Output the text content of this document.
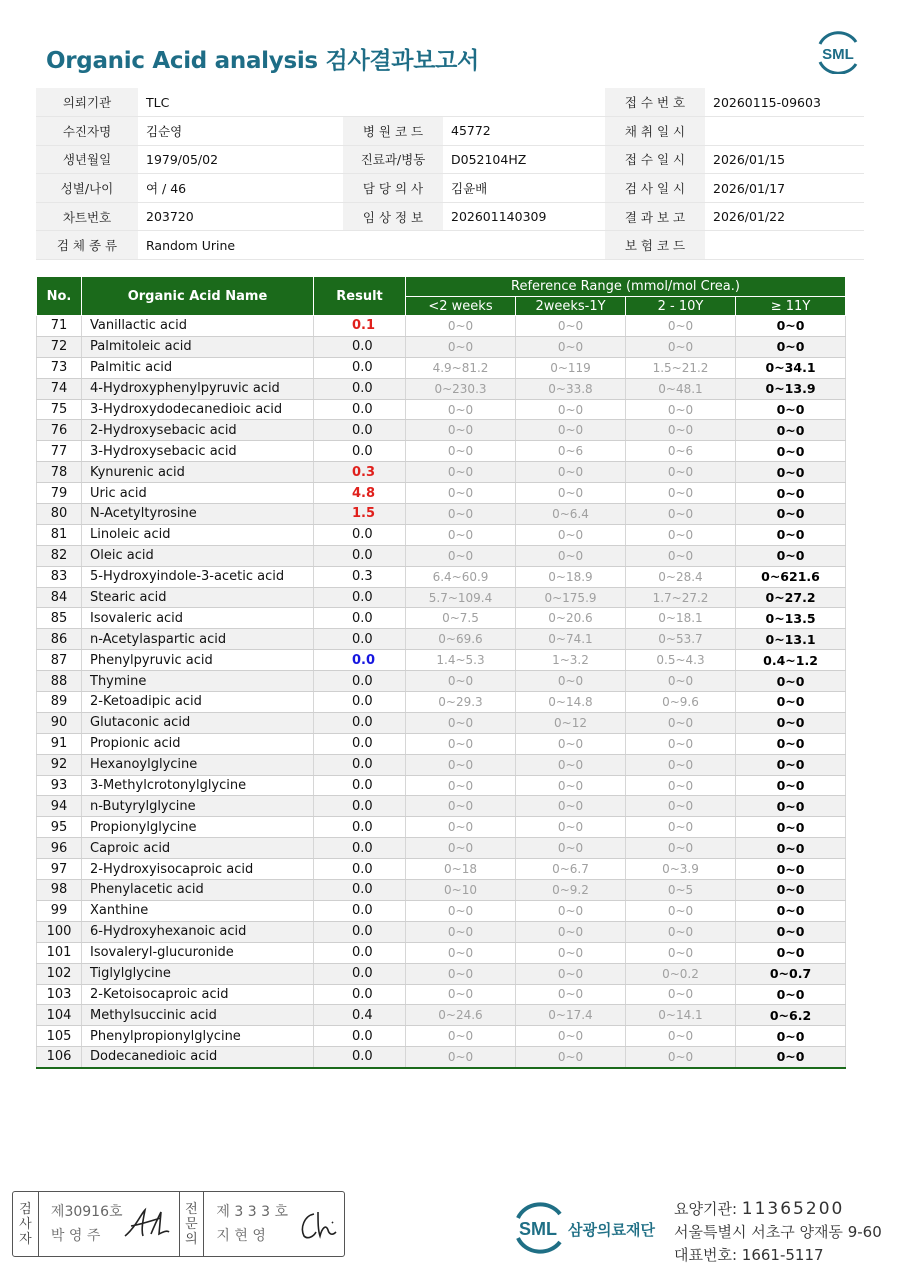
Organic Acid analysis 검사결과보고서	SML
의뢰기관	TLC			접 수 번 호	20260115-09603
수진자명	김순영	병 원 코 드	45772	채 취 일 시	
생년월일	1979/05/02	진료과/병동	D052104HZ	접 수 일 시	2026/01/15
성별/나이	여 / 46	담 당 의 사	김윤배	검 사 일 시	2026/01/17
차트번호	203720	임 상 정 보	202601140309	결 과 보 고	2026/01/22
검 체 종 류	Random Urine			보 험 코 드	
No.	Organic Acid Name	Result	Reference Range (mmol/mol Crea.)			
			<2 weeks	2weeks-1Y	2 - 10Y	≥ 11Y
71	Vanillactic acid	0.1	0~0	0~0	0~0	0~0
72	Palmitoleic acid	0.0	0~0	0~0	0~0	0~0
73	Palmitic acid	0.0	4.9~81.2	0~119	1.5~21.2	0~34.1
74	4-Hydroxyphenylpyruvic acid	0.0	0~230.3	0~33.8	0~48.1	0~13.9
75	3-Hydroxydodecanedioic acid	0.0	0~0	0~0	0~0	0~0
76	2-Hydroxysebacic acid	0.0	0~0	0~0	0~0	0~0
77	3-Hydroxysebacic acid	0.0	0~0	0~6	0~6	0~0
78	Kynurenic acid	0.3	0~0	0~0	0~0	0~0
79	Uric acid	4.8	0~0	0~0	0~0	0~0
80	N-Acetyltyrosine	1.5	0~0	0~6.4	0~0	0~0
81	Linoleic acid	0.0	0~0	0~0	0~0	0~0
82	Oleic acid	0.0	0~0	0~0	0~0	0~0
83	5-Hydroxyindole-3-acetic acid	0.3	6.4~60.9	0~18.9	0~28.4	0~621.6
84	Stearic acid	0.0	5.7~109.4	0~175.9	1.7~27.2	0~27.2
85	Isovaleric acid	0.0	0~7.5	0~20.6	0~18.1	0~13.5
86	n-Acetylaspartic acid	0.0	0~69.6	0~74.1	0~53.7	0~13.1
87	Phenylpyruvic acid	0.0	1.4~5.3	1~3.2	0.5~4.3	0.4~1.2
88	Thymine	0.0	0~0	0~0	0~0	0~0
89	2-Ketoadipic acid	0.0	0~29.3	0~14.8	0~9.6	0~0
90	Glutaconic acid	0.0	0~0	0~12	0~0	0~0
91	Propionic acid	0.0	0~0	0~0	0~0	0~0
92	Hexanoylglycine	0.0	0~0	0~0	0~0	0~0
93	3-Methylcrotonylglycine	0.0	0~0	0~0	0~0	0~0
94	n-Butyrylglycine	0.0	0~0	0~0	0~0	0~0
95	Propionylglycine	0.0	0~0	0~0	0~0	0~0
96	Caproic acid	0.0	0~0	0~0	0~0	0~0
97	2-Hydroxyisocaproic acid	0.0	0~18	0~6.7	0~3.9	0~0
98	Phenylacetic acid	0.0	0~10	0~9.2	0~5	0~0
99	Xanthine	0.0	0~0	0~0	0~0	0~0
100	6-Hydroxyhexanoic acid	0.0	0~0	0~0	0~0	0~0
101	Isovaleryl-glucuronide	0.0	0~0	0~0	0~0	0~0
102	Tiglylglycine	0.0	0~0	0~0	0~0.2	0~0.7
103	2-Ketoisocaproic acid	0.0	0~0	0~0	0~0	0~0
104	Methylsuccinic acid	0.4	0~24.6	0~17.4	0~14.1	0~6.2
105	Phenylpropionylglycine	0.0	0~0	0~0	0~0	0~0
106	Dodecanedioic acid	0.0	0~0	0~0	0~0	0~0
검
사
자
제30916호
박 영 주
전
문
의
제 3 3 3 호
지 현 영	SML 삼광의료재단
요양기관: 11365200
서울특별시 서초구 양재동 9-60
대표번호: 1661-5117
